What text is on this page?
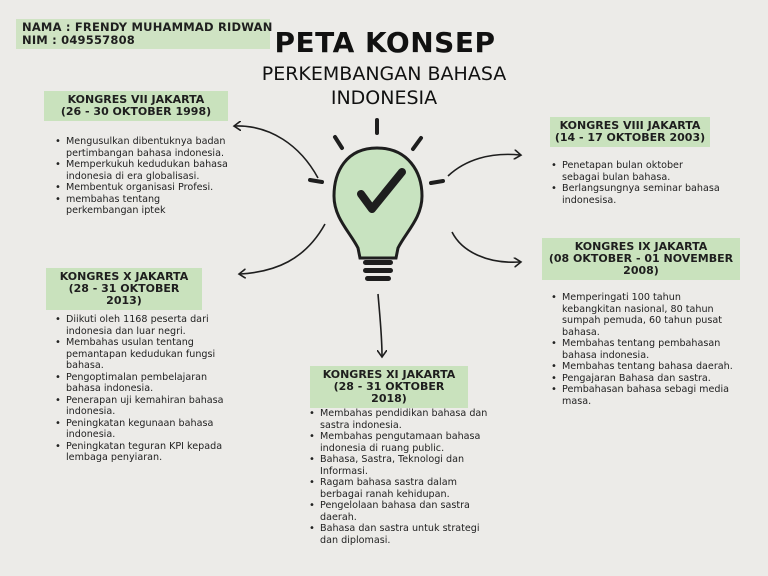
NAMA : FRENDY MUHAMMAD RIDWAN
NIM : 049557808	PETA KONSEP
PERKEMBANGAN BAHASA
INDONESIA
KONGRES VII JAKARTA
(26 - 30 OKTOBER 1998)
• Mengusulkan dibentuknya badan pertimbangan bahasa indonesia.
• Memperkukuh kedudukan bahasa indonesia di era globalisasi.
• Membentuk organisasi Profesi.
• membahas tentang perkembangan iptek
KONGRES X JAKARTA
(28 - 31 OKTOBER 2013)
• Diikuti oleh 1168 peserta dari indonesia dan luar negri.
• Membahas usulan tentang pemantapan kedudukan fungsi bahasa.
• Pengoptimalan pembelajaran bahasa indonesia.
• Penerapan uji kemahiran bahasa indonesia.
• Peningkatan kegunaan bahasa indonesia.
• Peningkatan teguran KPI kepada lembaga penyiaran.
KONGRES VIII JAKARTA
(14 - 17 OKTOBER 2003)
• Penetapan bulan oktober sebagai bulan bahasa.
• Berlangsungnya seminar bahasa indonesisa.
KONGRES IX JAKARTA
(08 OKTOBER - 01 NOVEMBER 2008)
• Memperingati 100 tahun kebangkitan nasional, 80 tahun sumpah pemuda, 60 tahun pusat bahasa.
• Membahas tentang pembahasan bahasa indonesia.
• Membahas tentang bahasa daerah.
• Pengajaran Bahasa dan sastra.
• Pembahasan bahasa sebagi media masa.
KONGRES XI JAKARTA
(28 - 31 OKTOBER 2018)
• Membahas pendidikan bahasa dan sastra indonesia.
• Membahas pengutamaan bahasa indonesia di ruang public.
• Bahasa, Sastra, Teknologi dan Informasi.
• Ragam bahasa sastra dalam berbagai ranah kehidupan.
• Pengelolaan bahasa dan sastra daerah.
• Bahasa dan sastra untuk strategi dan diplomasi.
